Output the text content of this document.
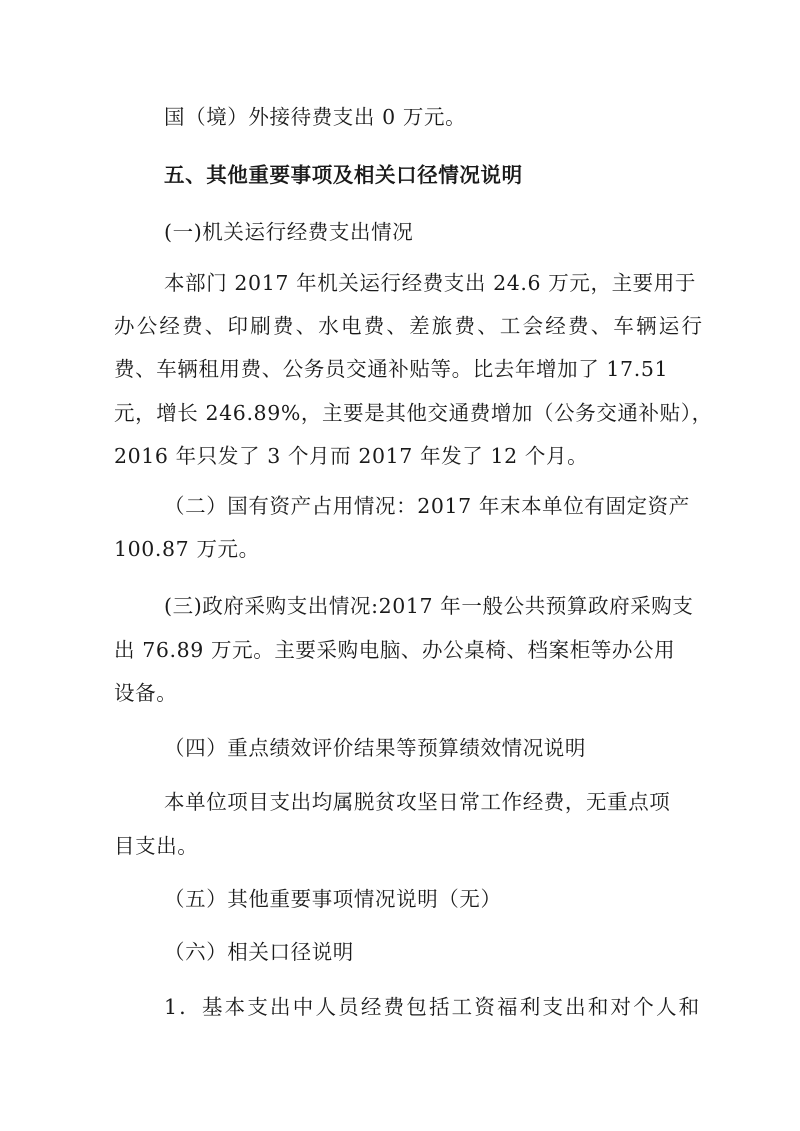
国（境）外接待费支出 0 万元。
五、其他重要事项及相关口径情况说明
(一)机关运行经费支出情况
本部门 2017 年机关运行经费支出 24.6 万元，主要用于
办公经费、印刷费、水电费、差旅费、工会经费、车辆运行
费、车辆租用费、公务员交通补贴等。比去年增加了 17.51
元，增长 246.89%，主要是其他交通费增加（公务交通补贴），
2016 年只发了 3 个月而 2017 年发了 12 个月。
（二）国有资产占用情况：2017 年末本单位有固定资产
100.87 万元。
(三)政府采购支出情况:2017 年一般公共预算政府采购支
出 76.89 万元。主要采购电脑、办公桌椅、档案柜等办公用
设备。
（四）重点绩效评价结果等预算绩效情况说明
本单位项目支出均属脱贫攻坚日常工作经费，无重点项
目支出。
（五）其他重要事项情况说明（无）
（六）相关口径说明
1．基本支出中人员经费包括工资福利支出和对个人和
